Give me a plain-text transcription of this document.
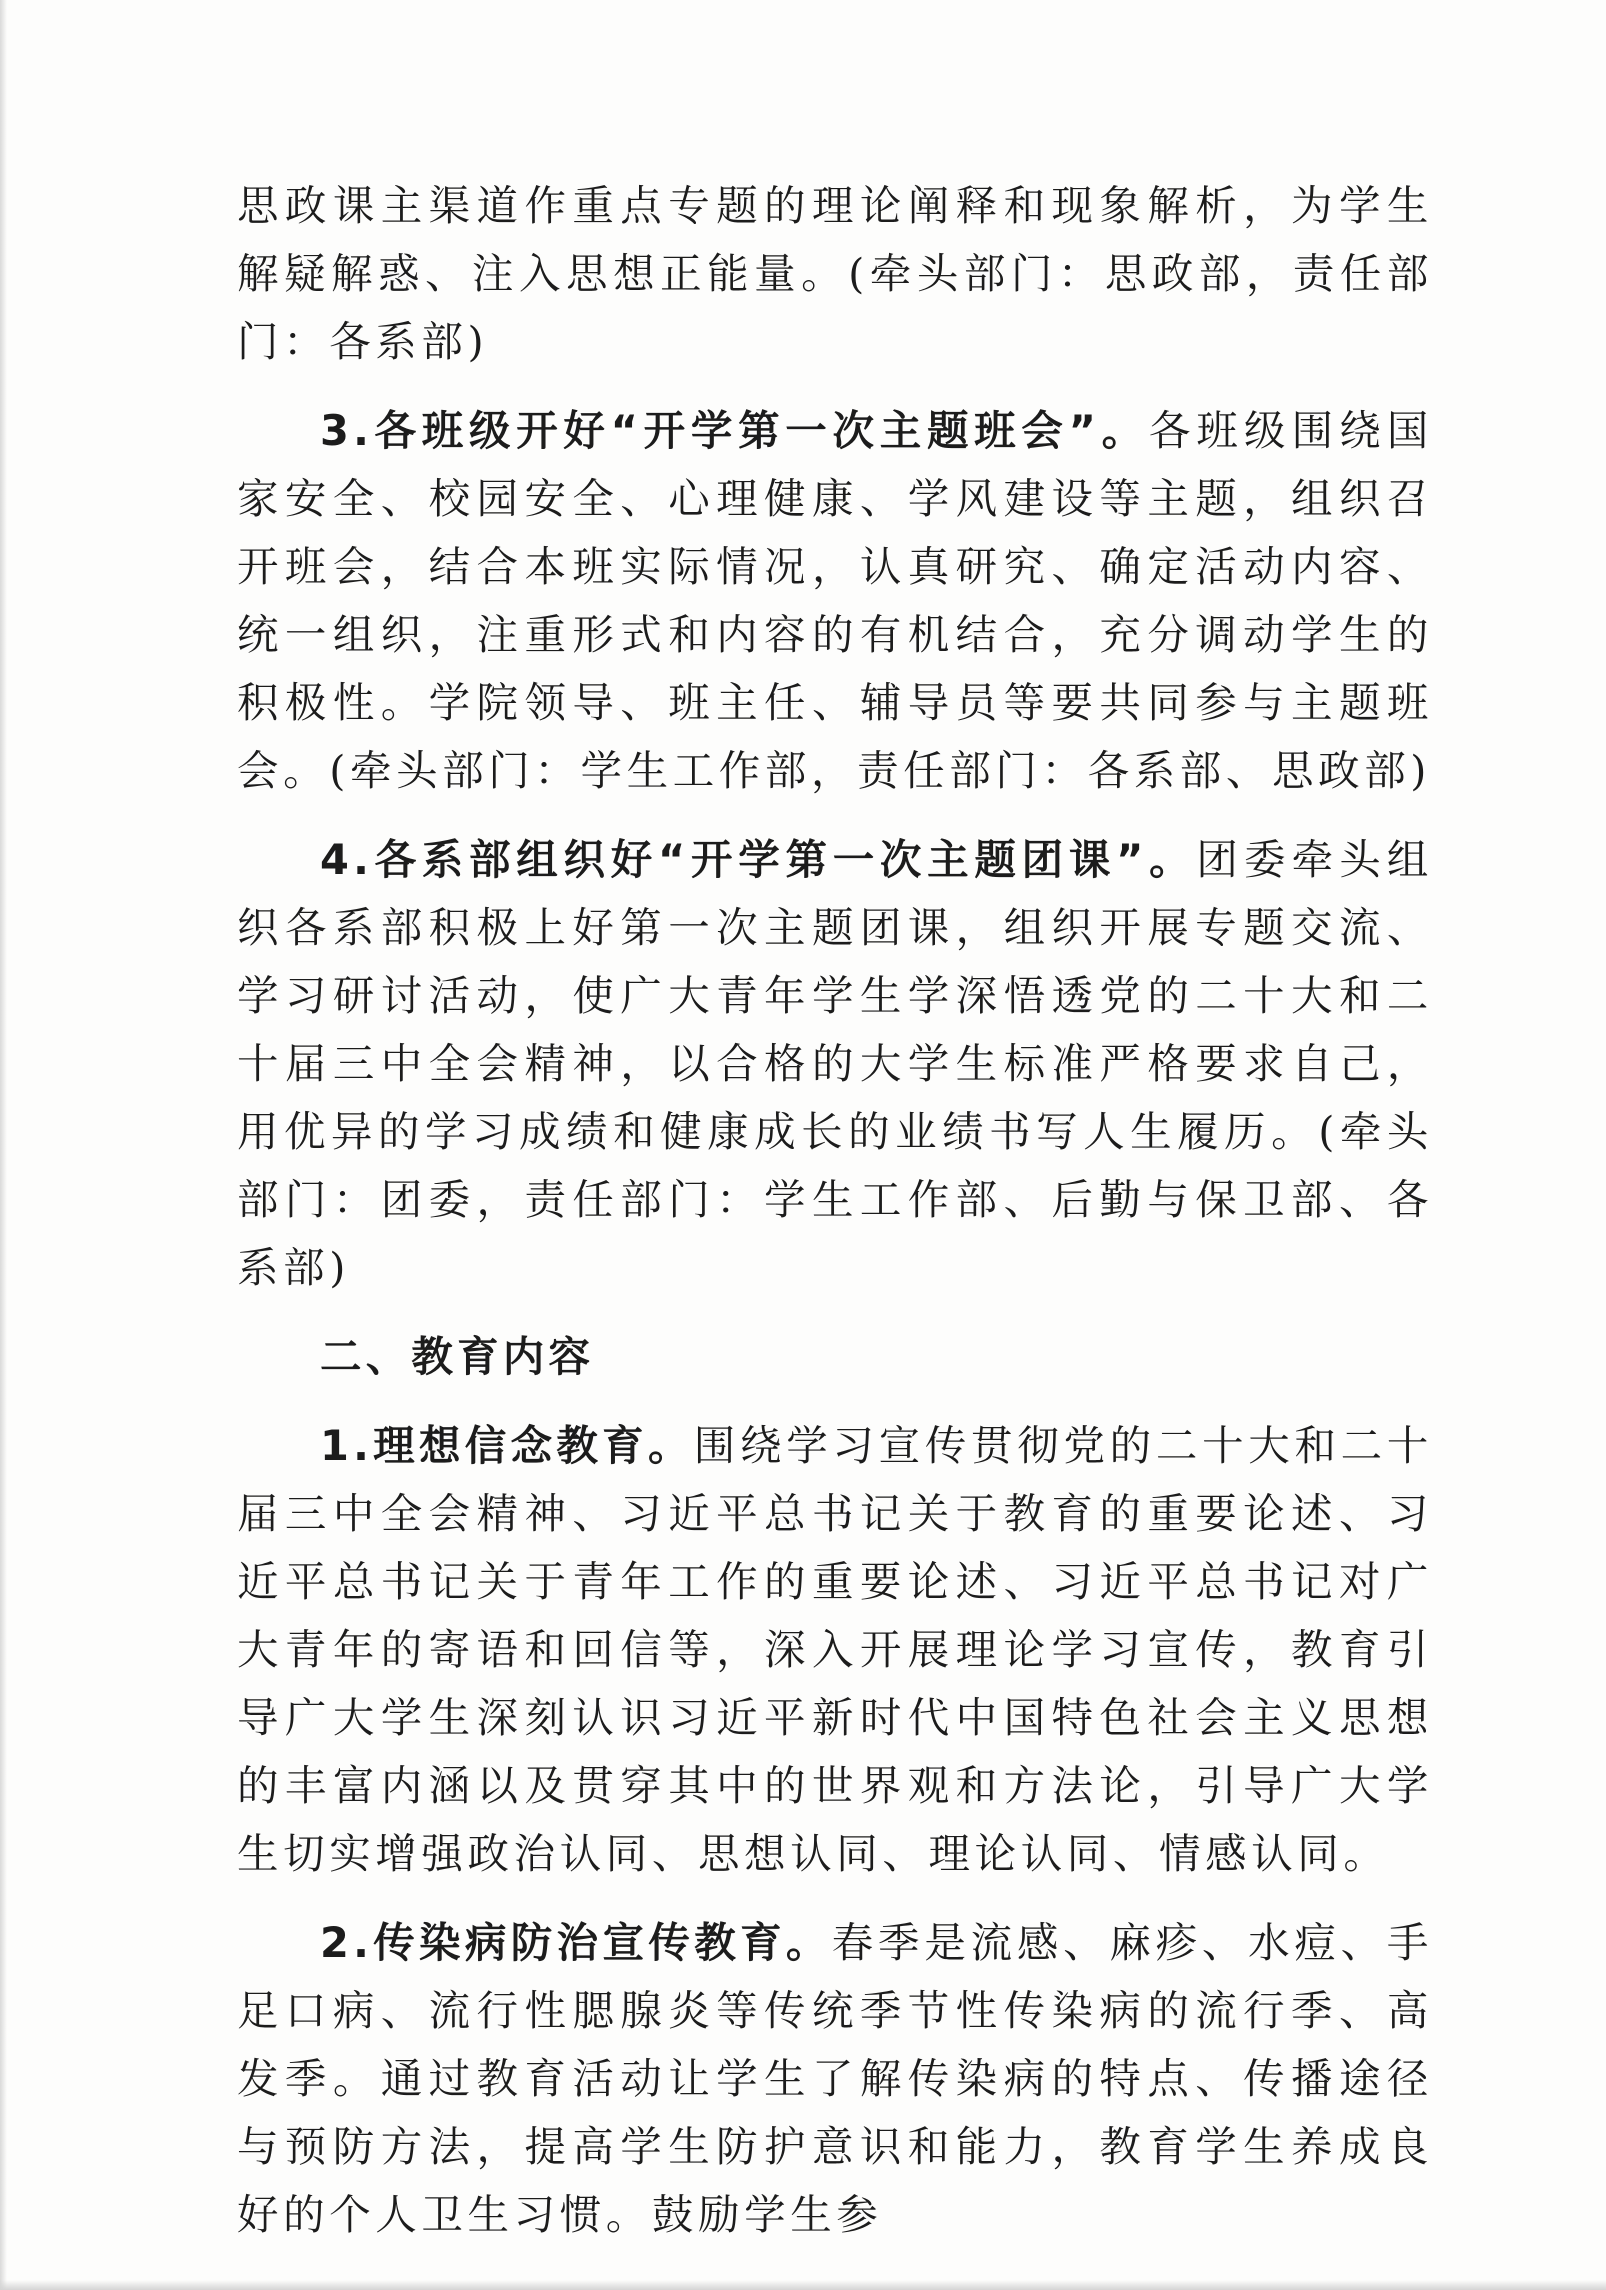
思政课主渠道作重点专题的理论阐释和现象解析，为学生解疑解惑、注入思想正能量。(牵头部门：思政部，责任部门：各系部)

3.各班级开好“开学第一次主题班会”。各班级围绕国家安全、校园安全、心理健康、学风建设等主题，组织召开班会，结合本班实际情况，认真研究、确定活动内容、统一组织，注重形式和内容的有机结合，充分调动学生的积极性。学院领导、班主任、辅导员等要共同参与主题班会。(牵头部门：学生工作部，责任部门：各系部、思政部)

4.各系部组织好“开学第一次主题团课”。团委牵头组织各系部积极上好第一次主题团课，组织开展专题交流、学习研讨活动，使广大青年学生学深悟透党的二十大和二十届三中全会精神，以合格的大学生标准严格要求自己，用优异的学习成绩和健康成长的业绩书写人生履历。(牵头部门：团委，责任部门：学生工作部、后勤与保卫部、各系部)

二、教育内容

1.理想信念教育。围绕学习宣传贯彻党的二十大和二十届三中全会精神、习近平总书记关于教育的重要论述、习近平总书记关于青年工作的重要论述、习近平总书记对广大青年的寄语和回信等，深入开展理论学习宣传，教育引导广大学生深刻认识习近平新时代中国特色社会主义思想的丰富内涵以及贯穿其中的世界观和方法论，引导广大学生切实增强政治认同、思想认同、理论认同、情感认同。

2.传染病防治宣传教育。春季是流感、麻疹、水痘、手足口病、流行性腮腺炎等传统季节性传染病的流行季、高发季。通过教育活动让学生了解传染病的特点、传播途径与预防方法，提高学生防护意识和能力，教育学生养成良好的个人卫生习惯。鼓励学生参
